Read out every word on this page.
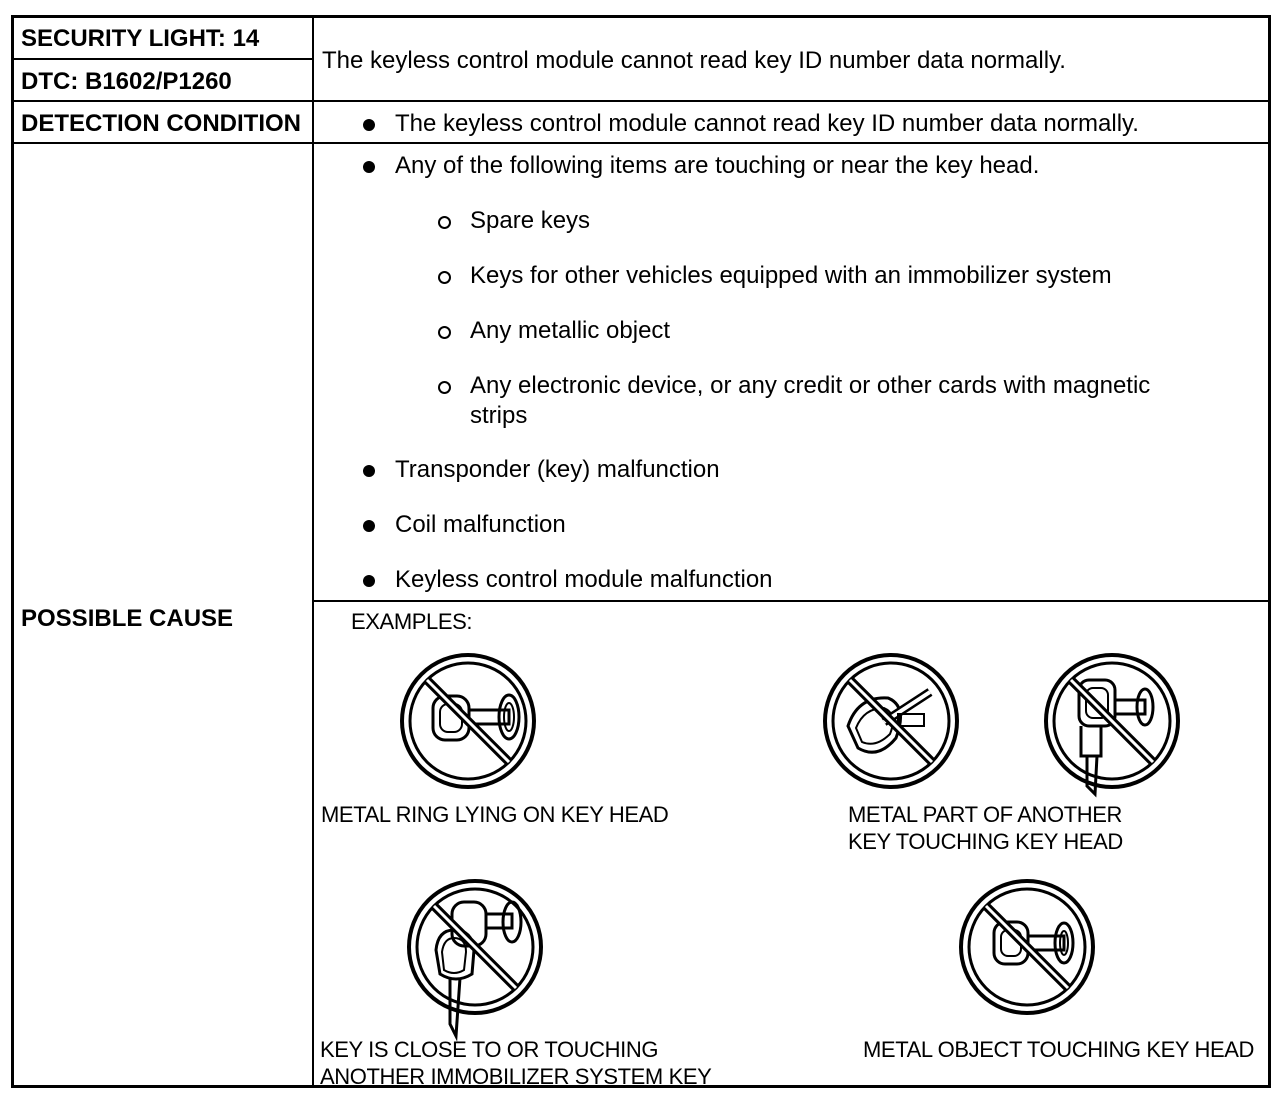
SECURITY LIGHT: 14
DTC: B1602/P1260
DETECTION CONDITION
POSSIBLE CAUSE
The keyless control module cannot read key ID number data normally.
The keyless control module cannot read key ID number data normally.
Any of the following items are touching or near the key head.
Spare keys
Keys for other vehicles equipped with an immobilizer system
Any metallic object
Any electronic device, or any credit or other cards with magnetic
strips
Transponder (key) malfunction
Coil malfunction
Keyless control module malfunction
EXAMPLES:
METAL RING LYING ON KEY HEAD	METAL PART OF ANOTHER
KEY TOUCHING KEY HEAD
KEY IS CLOSE TO OR TOUCHING
ANOTHER IMMOBILIZER SYSTEM KEY
METAL OBJECT TOUCHING KEY HEAD
